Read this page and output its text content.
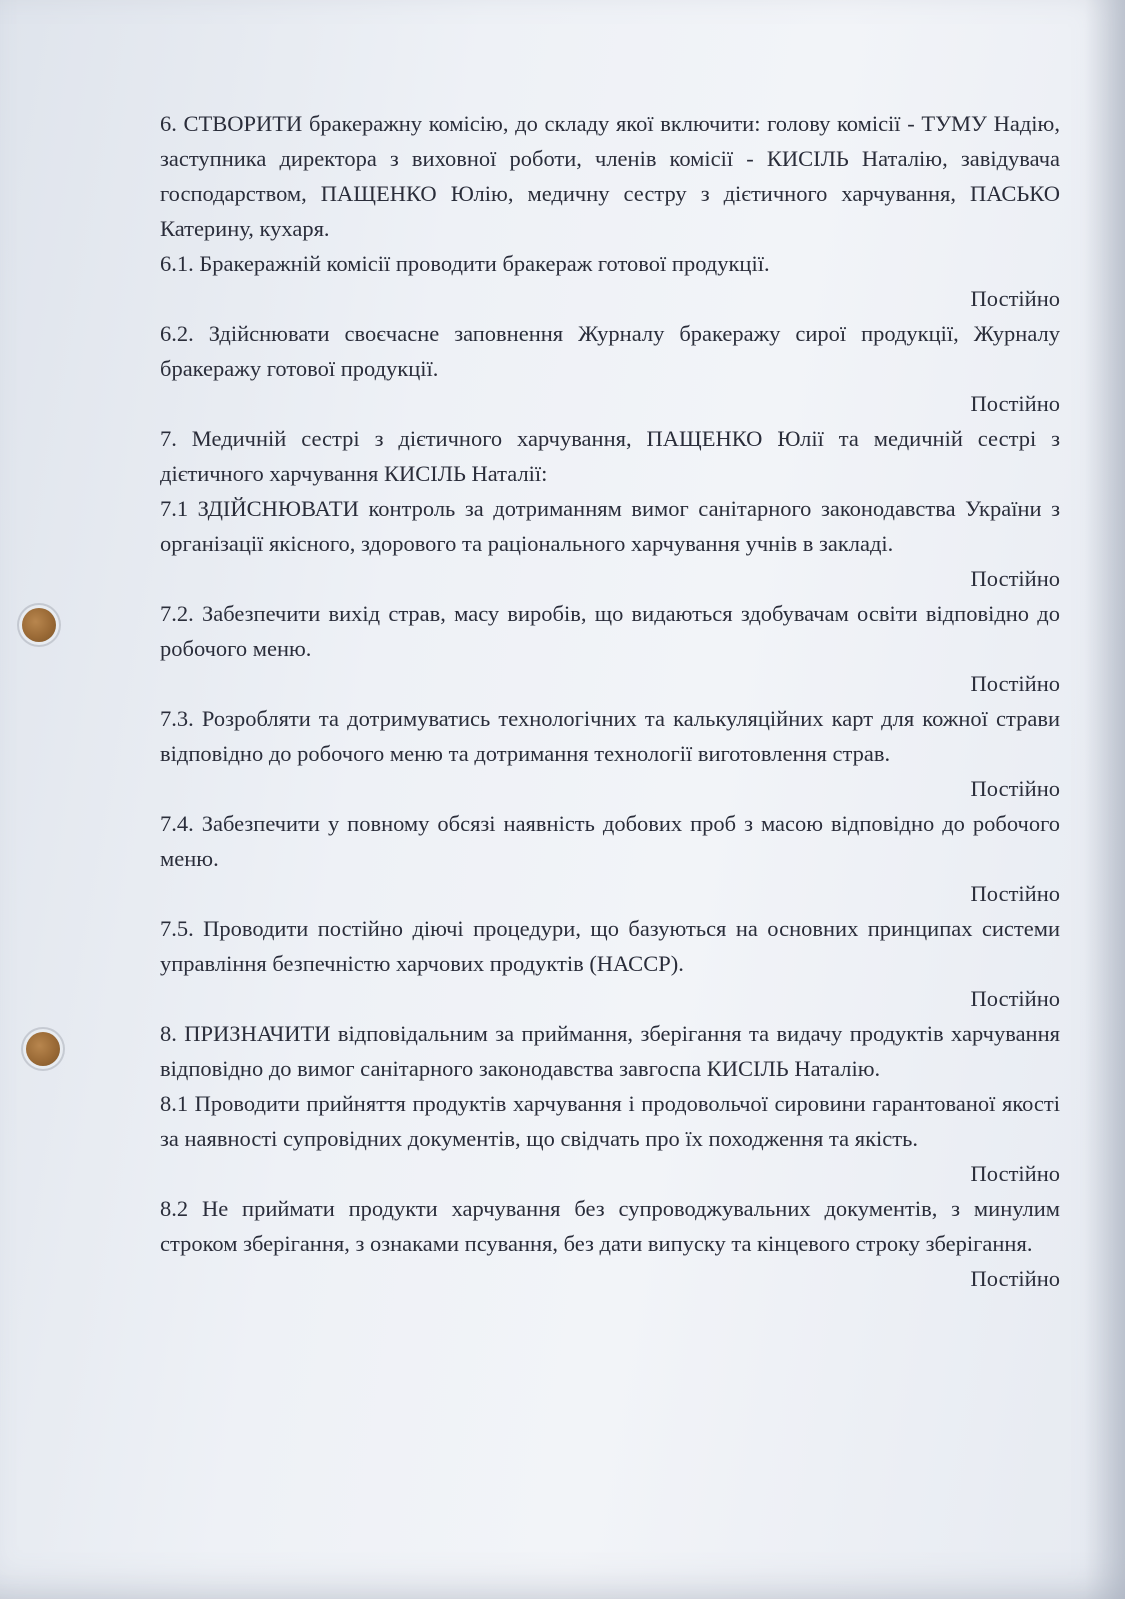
6. СТВОРИТИ бракеражну комісію, до складу якої включити: голову комісії - ТУМУ Надію, заступника директора з виховної роботи, членів комісії - КИСІЛЬ Наталію, завідувача господарством, ПАЩЕНКО Юлію, медичну сестру з дієтичного харчування, ПАСЬКО Катерину, кухаря.

6.1. Бракеражній комісії проводити бракераж готової продукції.

Постійно

6.2. Здійснювати своєчасне заповнення Журналу бракеражу сирої продукції, Журналу бракеражу готової продукції.

Постійно

7. Медичній сестрі з дієтичного харчування, ПАЩЕНКО Юлії та медичній сестрі з дієтичного харчування КИСІЛЬ Наталії:

7.1 ЗДІЙСНЮВАТИ контроль за дотриманням вимог санітарного законодавства України з організації якісного, здорового та раціонального харчування учнів в закладі.

Постійно

7.2. Забезпечити вихід страв, масу виробів, що видаються здобувачам освіти відповідно до робочого меню.

Постійно

7.3. Розробляти та дотримуватись технологічних та калькуляційних карт для кожної страви відповідно до робочого меню та дотримання технології виготовлення страв.

Постійно

7.4. Забезпечити у повному обсязі наявність добових проб з масою відповідно до робочого меню.

Постійно

7.5. Проводити постійно діючі процедури, що базуються на основних принципах системи управління безпечністю харчових продуктів (НАССР).

Постійно

8. ПРИЗНАЧИТИ відповідальним за приймання, зберігання та видачу продуктів харчування відповідно до вимог санітарного законодавства завгоспа КИСІЛЬ Наталію.

8.1 Проводити прийняття продуктів харчування і продовольчої сировини гарантованої якості за наявності супровідних документів, що свідчать про їх походження та якість.

Постійно

8.2 Не приймати продукти харчування без супроводжувальних документів, з минулим строком зберігання, з ознаками псування, без дати випуску та кінцевого строку зберігання.

Постійно
